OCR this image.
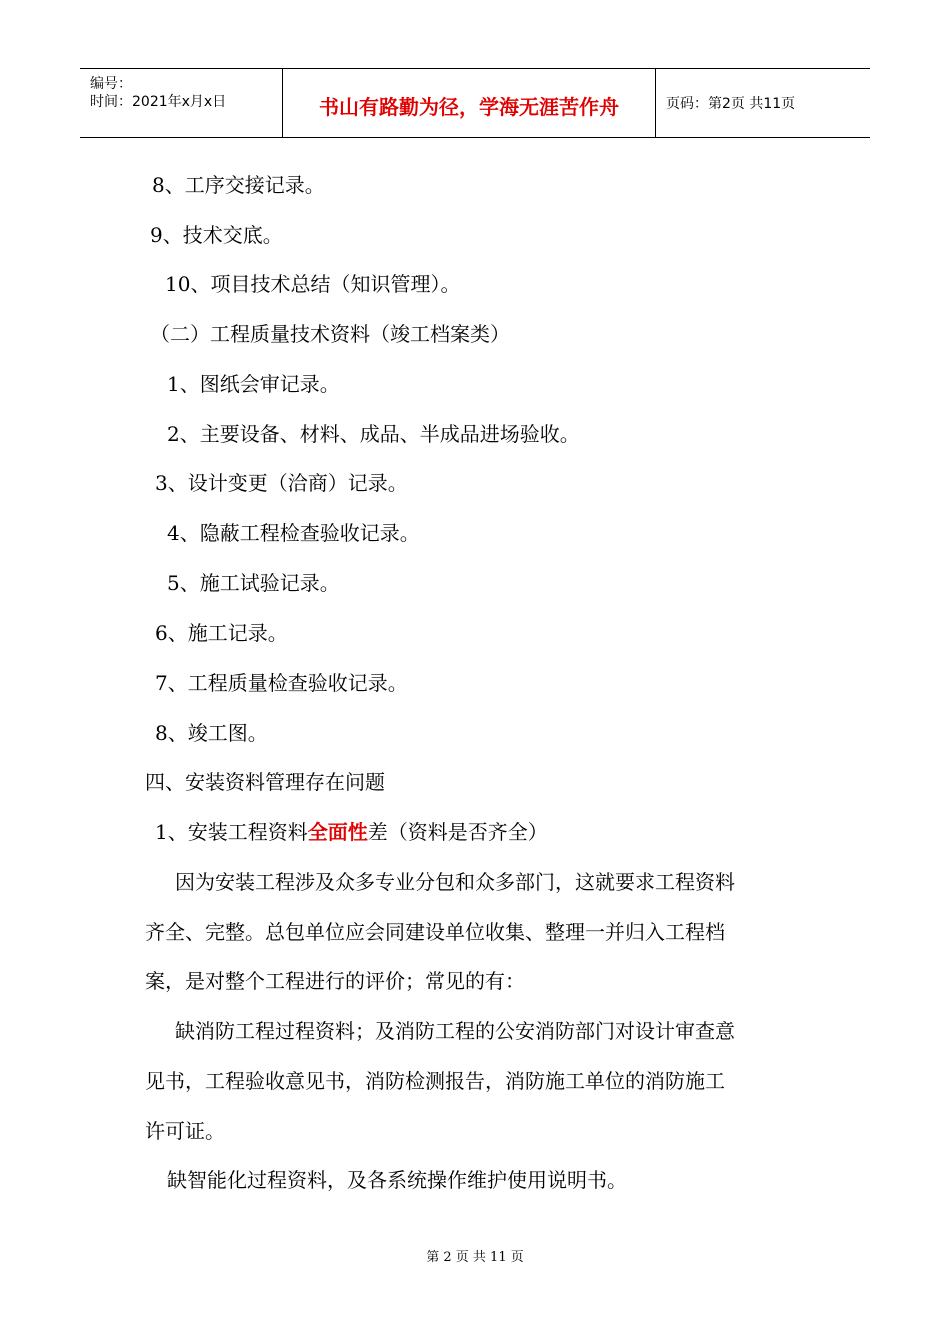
编号：
时间：2021年x月x日	书山有路勤为径，学海无涯苦作舟	页码：第2页 共11页
8、工序交接记录。
9、技术交底。
10、项目技术总结（知识管理）。
（二）工程质量技术资料（竣工档案类）
1、图纸会审记录。
2、主要设备、材料、成品、半成品进场验收。
3、设计变更（洽商）记录。
4、隐蔽工程检查验收记录。
5、施工试验记录。
6、施工记录。
7、工程质量检查验收记录。
8、竣工图。
四、安装资料管理存在问题
1、安装工程资料全面性差（资料是否齐全）
因为安装工程涉及众多专业分包和众多部门，这就要求工程资料
齐全、完整。总包单位应会同建设单位收集、整理一并归入工程档
案，是对整个工程进行的评价；常见的有：
缺消防工程过程资料；及消防工程的公安消防部门对设计审查意
见书，工程验收意见书，消防检测报告，消防施工单位的消防施工
许可证。
缺智能化过程资料，及各系统操作维护使用说明书。
第 2 页 共 11 页
